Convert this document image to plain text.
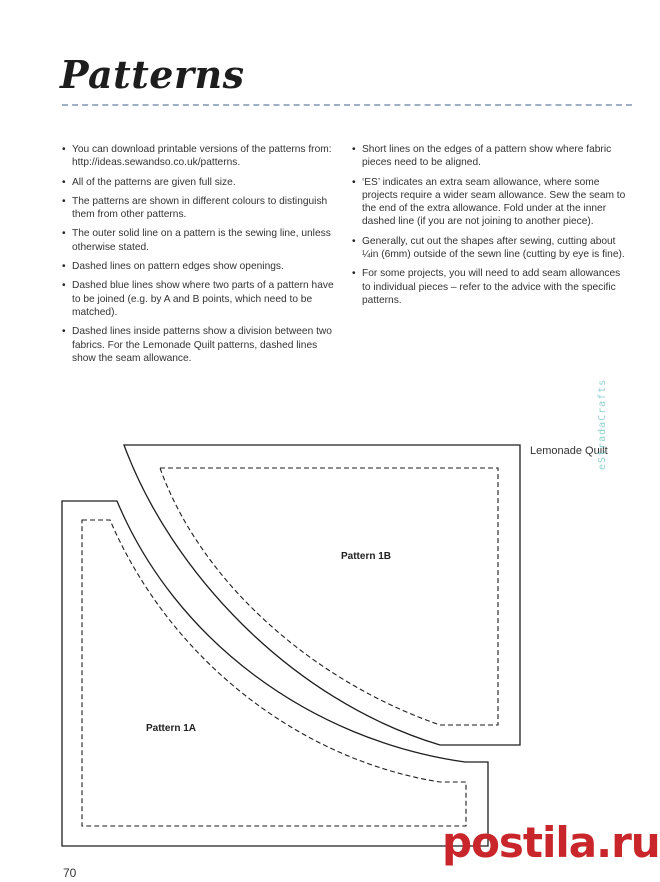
Patterns
• You can download printable versions of the patterns from: http://ideas.sewandso.co.uk/patterns.
• All of the patterns are given full size.
• The patterns are shown in different colours to distinguish them from other patterns.
• The outer solid line on a pattern is the sewing line, unless otherwise stated.
• Dashed lines on pattern edges show openings.
• Dashed blue lines show where two parts of a pattern have to be joined (e.g. by A and B points, which need to be matched).
• Dashed lines inside patterns show a division between two fabrics. For the Lemonade Quilt patterns, dashed lines show the seam allowance.
• Short lines on the edges of a pattern show where fabric pieces need to be aligned.
• ‘ES’ indicates an extra seam allowance, where some projects require a wider seam allowance. Sew the seam to the end of the extra allowance. Fold under at the inner dashed line (if you are not joining to another piece).
• Generally, cut out the shapes after sewing, cutting about ¼in (6mm) outside of the sewn line (cutting by eye is fine).
• For some projects, you will need to add seam allowances to individual pieces – refer to the advice with the specific patterns.
Lemonade Quilt
eStradaCrafts
Pattern 1B
Pattern 1A
70
postila.ru
